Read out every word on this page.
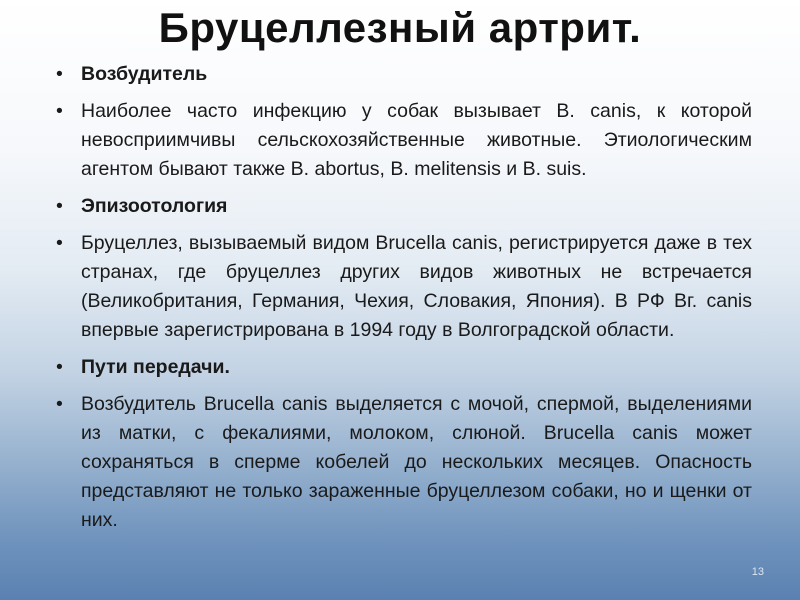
Бруцеллезный артрит.
• Возбудитель
• Наиболее часто инфекцию у собак вызывает B. canis, к которой невосприимчивы сельскохозяйственные животные. Этиологическим агентом бывают также B. abortus, B. melitensis и B. suis.
• Эпизоотология
• Бруцеллез, вызываемый видом Brucella canis, регистрируется даже в тех странах, где бруцеллез других видов животных не встречается (Великобритания, Германия, Чехия, Словакия, Япония). В РФ Вг. canis впервые зарегистрирована в 1994 году в Волгоградской области.
• Пути передачи.
• Возбудитель Brucella canis выделяется с мочой, спермой, выделениями из матки, с фекалиями, молоком, слюной. Brucella canis может сохраняться в сперме кобелей до нескольких месяцев. Опасность представляют не только зараженные бруцеллезом собаки, но и щенки от них.
13
